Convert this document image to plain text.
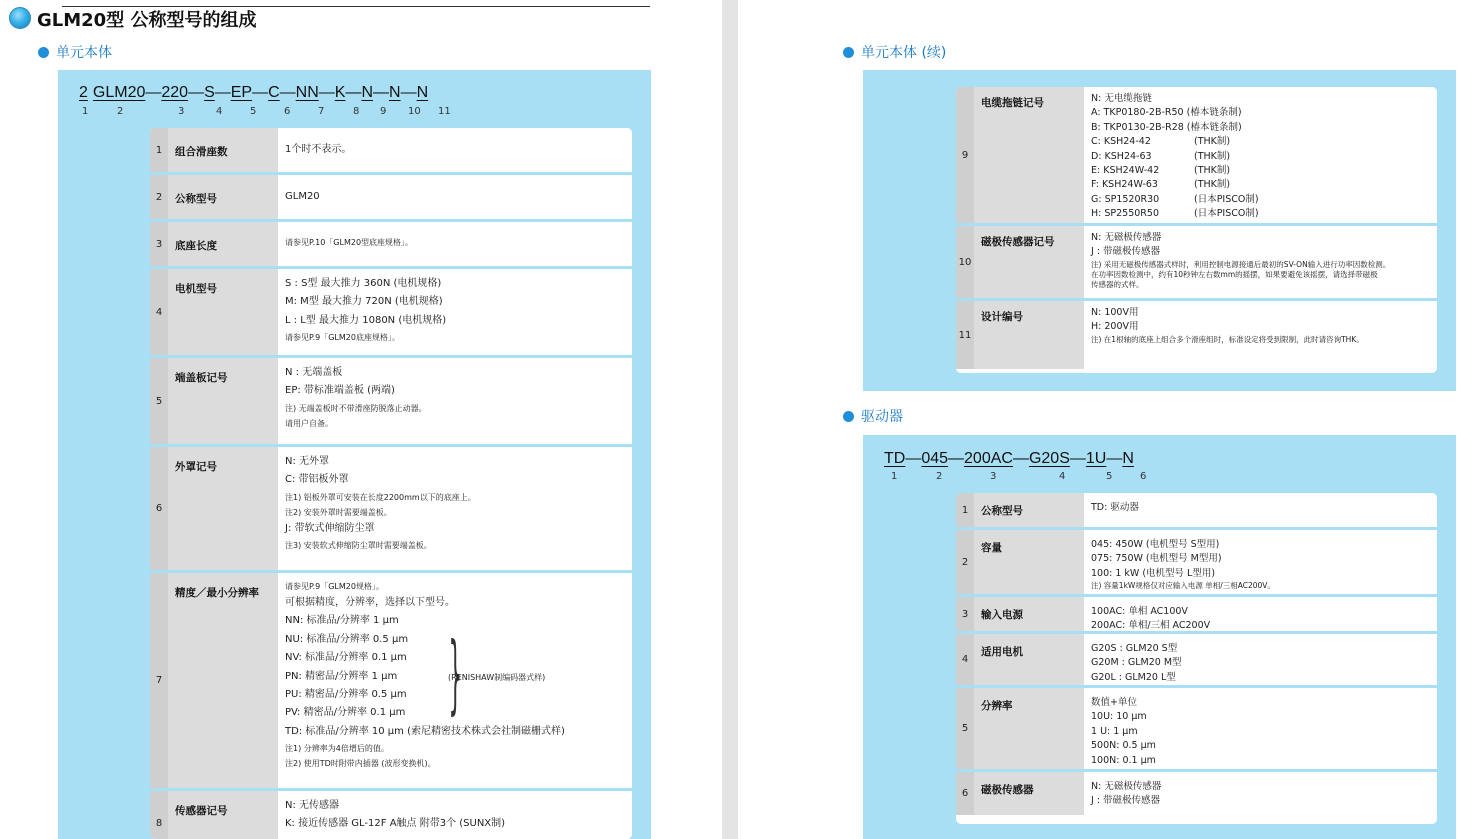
GLM20型 公称型号的组成
单元本体
2 GLM20 — 220 — S — EP — C — NN — K — N — N — N
1	2	3	4	5	6	7	8 9 10 11
1	组合滑座数	1个时不表示。
2	公称型号	GLM20
3	底座长度	请参见P.10「GLM20型底座规格」。
4
电机型号	S : S型 最大推力 360N (电机规格)
M: M型 最大推力 720N (电机规格)
L : L型 最大推力 1080N (电机规格)
请参见P.9「GLM20底座规格」。
5
端盖板记号	N : 无端盖板
EP: 带标准端盖板 (两端)
注) 无端盖板时不带滑座防脱落止动器。
请用户自备。
6
外罩记号	N: 无外罩
C: 带铝板外罩
注1) 铝板外罩可安装在长度2200mm以下的底座上。
注2) 安装外罩时需要端盖板。
J: 带软式伸缩防尘罩
注3) 安装软式伸缩防尘罩时需要端盖板。
7
精度／最小分辨率
请参见P.9「GLM20规格」。
可根据精度，分辨率，选择以下型号。
NN: 标准品/分辨率 1 μm
NU: 标准品/分辨率 0.5 μm
NV: 标准品/分辨率 0.1 μm
PN: 精密品/分辨率 1 μm
PU: 精密品/分辨率 0.5 μm
PV: 精密品/分辨率 0.1 μm
TD: 标准品/分辨率 10 μm (索尼精密技术株式会社制磁栅式样)
注1) 分辨率为4倍增后的值。
注2) 使用TD时附带内插器 (波形变换机)。
}
(RENISHAW制编码器式样)
8
传感器记号	N: 无传感器
K: 接近传感器 GL-12F A触点 附带3个 (SUNX制)
单元本体 (续)
9
电缆拖链记号	N: 无电缆拖链
A: TKP0180-2B-R50 (椿本链条制)
B: TKP0130-2B-R28 (椿本链条制)
C: KSH24-42	(THK制)
D: KSH24-63	(THK制)
E: KSH24W-42	(THK制)
F: KSH24W-63	(THK制)
G: SP1520R30	(日本PISCO制)
H: SP2550R50	(日本PISCO制)
10
磁极传感器记号	N: 无磁极传感器
J : 带磁极传感器
注) 采用无磁极传感器式样时，利用控制电源接通后最初的SV-ON输入进行功率因数检测。
在功率因数检测中，约有10秒钟左右数mm的摇摆，如果要避免该摇摆，请选择带磁极
传感器的式样。
11
设计编号	N: 100V用
H: 200V用
注) 在1根轴的底座上组合多个滑座组时，标准设定将受到限制，此时请咨询THK。
驱动器
TD — 045 — 200AC — G20S — 1U — N
1	2	3	4	5	6
1	公称型号	TD: 驱动器
2
容量	045: 450W (电机型号 S型用)
075: 750W (电机型号 M型用)
100: 1 kW (电机型号 L型用)
注) 容量1kW规格仅对应输入电源 单相/三相AC200V。
3	输入电源	100AC: 单相 AC100V
200AC: 单相/三相 AC200V
4
适用电机	G20S : GLM20 S型
G20M : GLM20 M型
G20L : GLM20 L型
5
分辨率	数值+单位
10U: 10 μm
1 U: 1 μm
500N: 0.5 μm
100N: 0.1 μm
6	磁极传感器	N: 无磁极传感器
J : 带磁极传感器
